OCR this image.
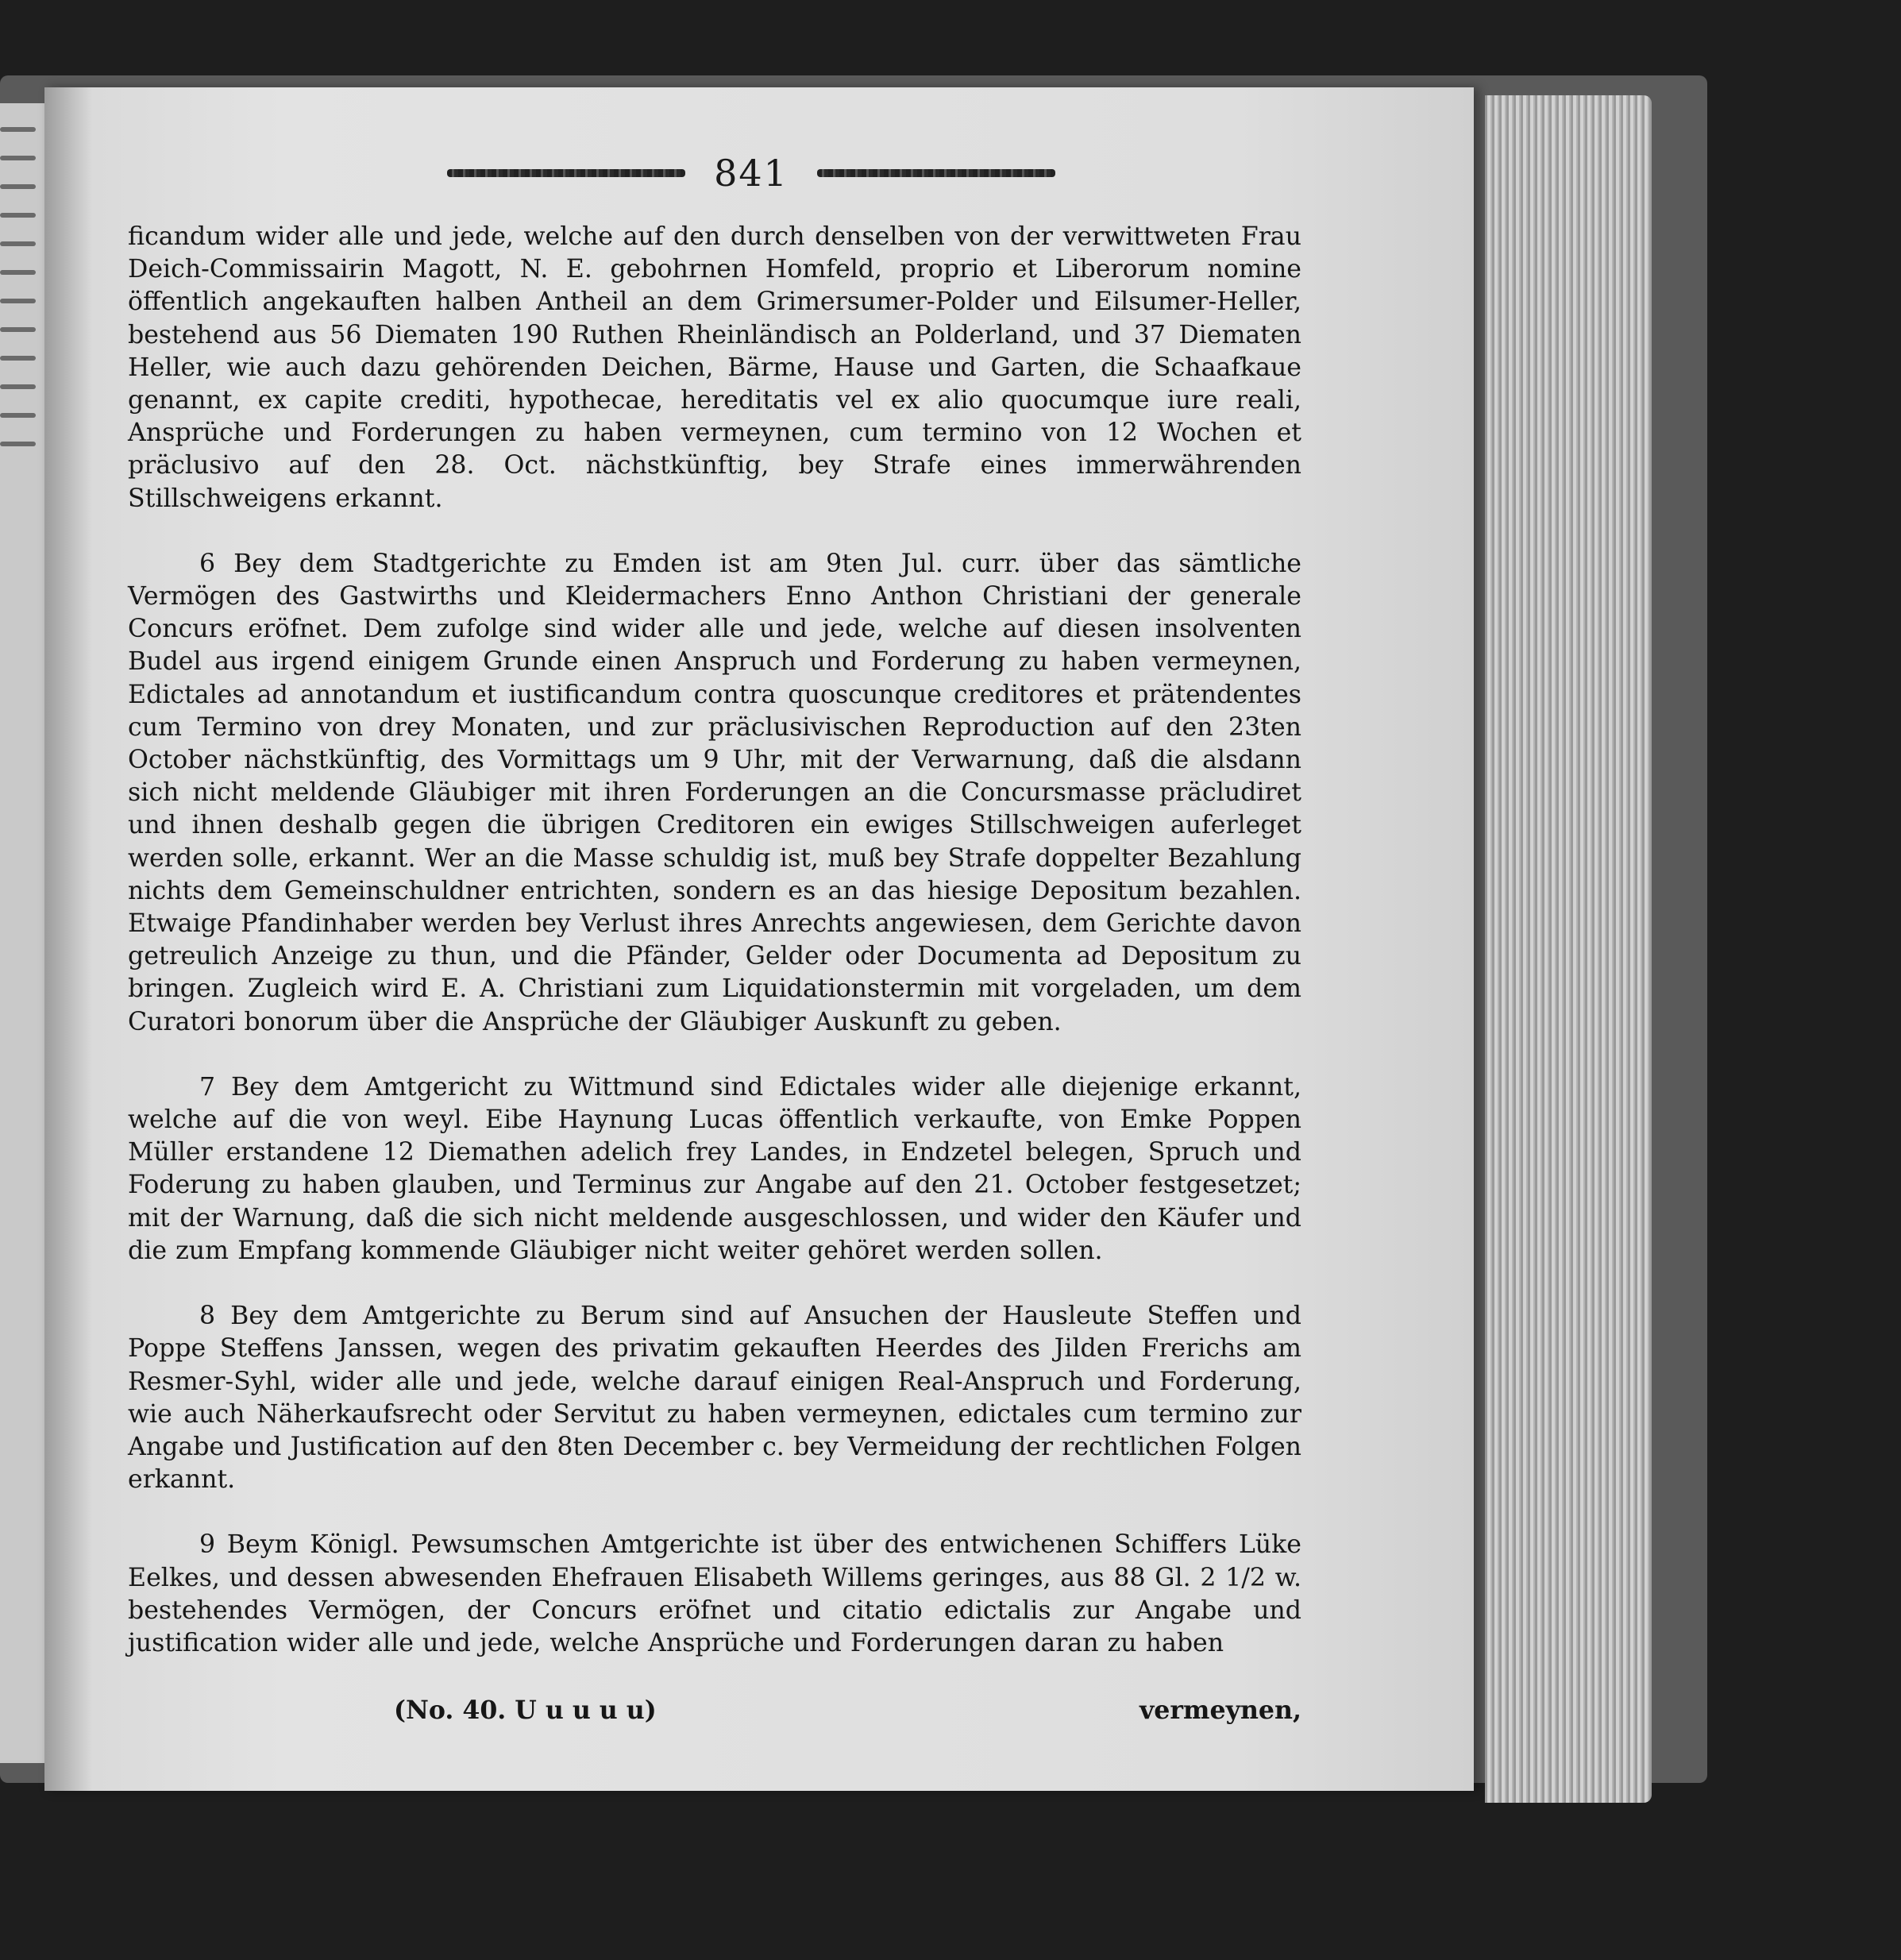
841

ficandum wider alle und jede, welche auf den durch denselben von der verwittweten Frau Deich-Commissairin Magott, N. E. gebohrnen Homfeld, proprio et Liberorum nomine öffentlich angekauften halben Antheil an dem Grimersumer-Polder und Eilsumer-Heller, bestehend aus 56 Diematen 190 Ruthen Rheinländisch an Polderland, und 37 Diematen Heller, wie auch dazu gehörenden Deichen, Bärme, Hause und Garten, die Schaafkaue genannt, ex capite crediti, hypothecae, hereditatis vel ex alio quocumque iure reali, Ansprüche und Forderungen zu haben vermeynen, cum termino von 12 Wochen et präclusivo auf den 28. Oct. nächstkünftig, bey Strafe eines immerwährenden Stillschweigens erkannt.

6 Bey dem Stadtgerichte zu Emden ist am 9ten Jul. curr. über das sämtliche Vermögen des Gastwirths und Kleidermachers Enno Anthon Christiani der generale Concurs eröfnet. Dem zufolge sind wider alle und jede, welche auf diesen insolventen Budel aus irgend einigem Grunde einen Anspruch und Forderung zu haben vermeynen, Edictales ad annotandum et iustificandum contra quoscunque creditores et prätendentes cum Termino von drey Monaten, und zur präclusivischen Reproduction auf den 23ten October nächstkünftig, des Vormittags um 9 Uhr, mit der Verwarnung, daß die alsdann sich nicht meldende Gläubiger mit ihren Forderungen an die Concursmasse präcludiret und ihnen deshalb gegen die übrigen Creditoren ein ewiges Stillschweigen auferleget werden solle, erkannt. Wer an die Masse schuldig ist, muß bey Strafe doppelter Bezahlung nichts dem Gemeinschuldner entrichten, sondern es an das hiesige Depositum bezahlen. Etwaige Pfandinhaber werden bey Verlust ihres Anrechts angewiesen, dem Gerichte davon getreulich Anzeige zu thun, und die Pfänder, Gelder oder Documenta ad Depositum zu bringen. Zugleich wird E. A. Christiani zum Liquidationstermin mit vorgeladen, um dem Curatori bonorum über die Ansprüche der Gläubiger Auskunft zu geben.

7 Bey dem Amtgericht zu Wittmund sind Edictales wider alle diejenige erkannt, welche auf die von weyl. Eibe Haynung Lucas öffentlich verkaufte, von Emke Poppen Müller erstandene 12 Diemathen adelich frey Landes, in Endzetel belegen, Spruch und Foderung zu haben glauben, und Terminus zur Angabe auf den 21. October festgesetzet; mit der Warnung, daß die sich nicht meldende ausgeschlossen, und wider den Käufer und die zum Empfang kommende Gläubiger nicht weiter gehöret werden sollen.

8 Bey dem Amtgerichte zu Berum sind auf Ansuchen der Hausleute Steffen und Poppe Steffens Janssen, wegen des privatim gekauften Heerdes des Jilden Frerichs am Resmer-Syhl, wider alle und jede, welche darauf einigen Real-Anspruch und Forderung, wie auch Näherkaufsrecht oder Servitut zu haben vermeynen, edictales cum termino zur Angabe und Justification auf den 8ten December c. bey Vermeidung der rechtlichen Folgen erkannt.

9 Beym Königl. Pewsumschen Amtgerichte ist über des entwichenen Schiffers Lüke Eelkes, und dessen abwesenden Ehefrauen Elisabeth Willems geringes, aus 88 Gl. 2 1/2 w. bestehendes Vermögen, der Concurs eröfnet und citatio edictalis zur Angabe und justification wider alle und jede, welche Ansprüche und Forderungen daran zu haben

(No. 40. U u u u u)	vermeynen,
